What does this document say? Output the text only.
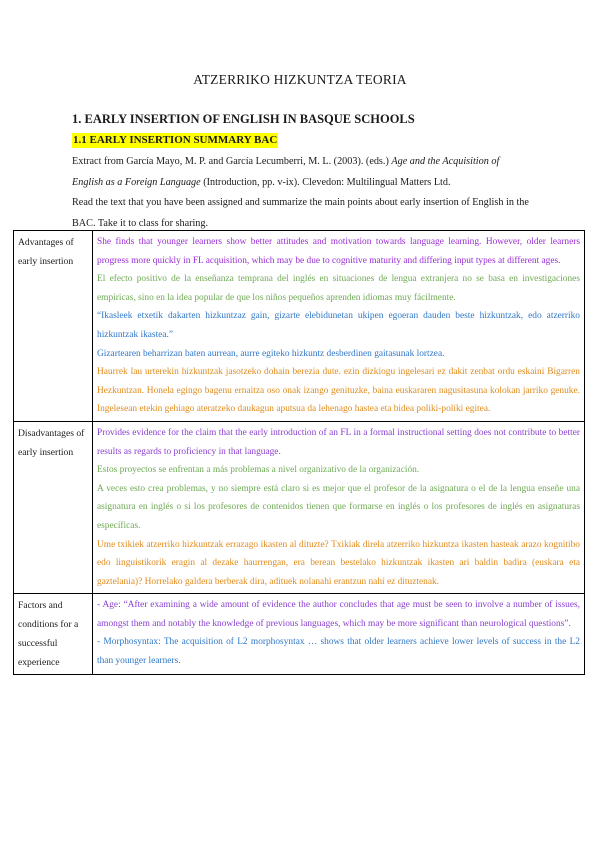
ATZERRIKO HIZKUNTZA TEORIA
1. EARLY INSERTION OF ENGLISH IN BASQUE SCHOOLS
1.1 EARLY INSERTION SUMMARY BAC

Extract from García Mayo, M. P. and García Lecumberri, M. L. (2003). (eds.) Age and the Acquisition of English as a Foreign Language (Introduction, pp. v-ix). Clevedon: Multilingual Matters Ltd.

Read the text that you have been assigned and summarize the main points about early insertion of English in the BAC. Take it to class for sharing.

Advantages of early insertion	She finds that younger learners show better attitudes and motivation towards language learning. However, older learners progress more quickly in FL acquisition, which may be due to cognitive maturity and differing input types at different ages.

El efecto positivo de la enseñanza temprana del inglés en situaciones de lengua extranjera no se basa en investigaciones empíricas, sino en la idea popular de que los niños pequeños aprenden idiomas muy fácilmente.

“Ikasleek etxetik dakarten hizkuntzaz gain, gizarte elebidunetan ukipen egoeran dauden beste hizkuntzak, edo atzerriko hizkuntzak ikastea.”

Gizartearen beharrizan baten aurrean, aurre egiteko hizkuntz desberdinen gaitasunak lortzea.

Haurrek lau urterekin hizkuntzak jasotzeko dohain berezia dute. ezin dizkiogu ingelesari ez dakit zenbat ordu eskaini Bigarren Hezkuntzan. Honela egingo bagenu ernaitza oso onak izango genituzke, baina euskararen nagusitasuna kolokan jarriko genuke. Ingelesean etekin gehiago ateratzeko daukagun aputsua da lehenago hastea eta bidea poliki-poliki egitea.

Disadvantages of early insertion	Provides evidence for the claim that the early introduction of an FL in a formal instructional setting does not contribute to better results as regards to proficiency in that language.

Estos proyectos se enfrentan a más problemas a nivel organizativo de la organización.

A veces esto crea problemas, y no siempre está claro si es mejor que el profesor de la asignatura o el de la lengua enseñe una asignatura en inglés o si los profesores de contenidos tienen que formarse en inglés o los profesores de inglés en asignaturas específicas.

Ume txikiek atzerriko hizkuntzak errazago ikasten al dituzte? Txikiak direla atzerriko hizkuntza ikasten hasteak arazo kognitibo edo linguistikorik eragin al dezake haurrengan, era berean bestelako hizkuntzak ikasten ari baldin badira (euskara eta gaztelania)? Horrelako galdera berberak dira, adituek nolanahi erantzun nahi ez dituztenak.

Factors and conditions for a successful experience	- Age: “After examining a wide amount of evidence the author concludes that age must be seen to involve a number of issues, amongst them and notably the knowledge of previous languages, which may be more significant than neurological questions”.

- Morphosyntax: The acquisition of L2 morphosyntax … shows that older learners achieve lower levels of success in the L2 than younger learners.
